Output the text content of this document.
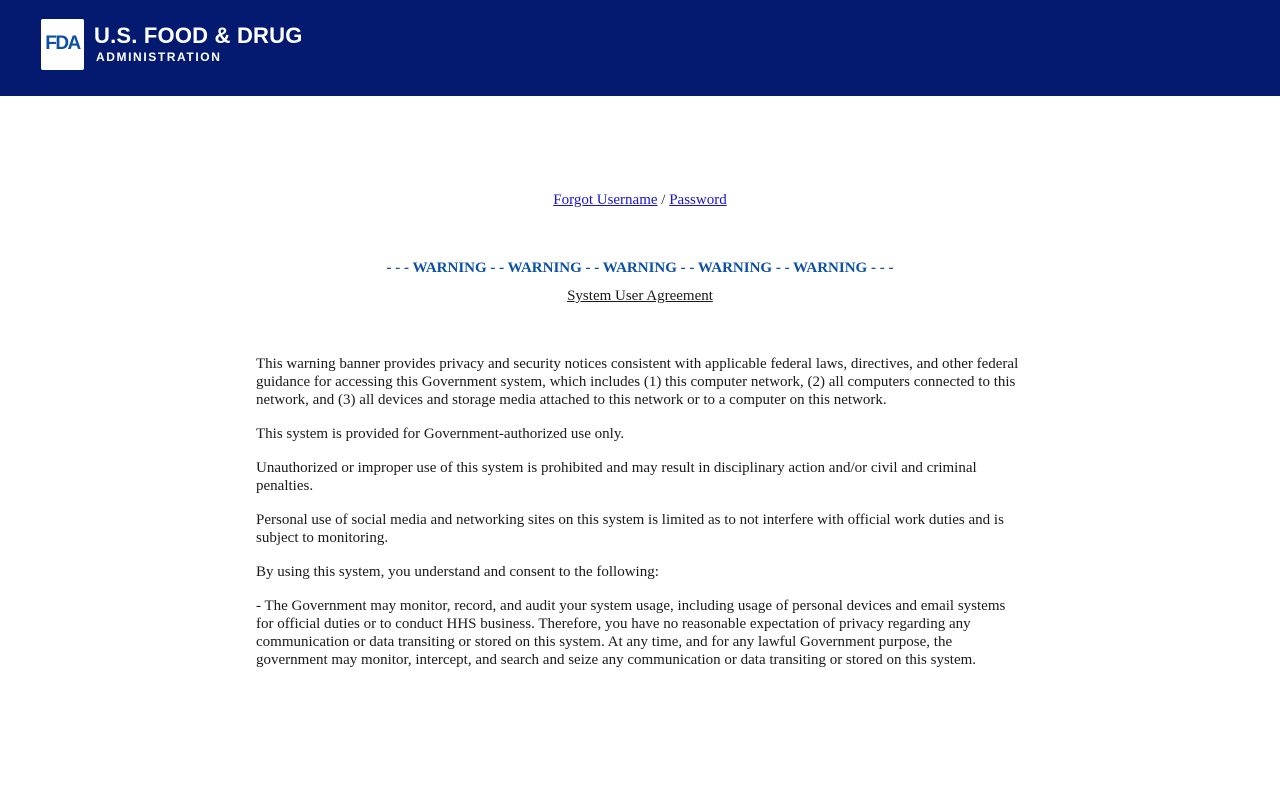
FDA U.S. FOOD & DRUG
ADMINISTRATION
Forgot Username / Password
- - - WARNING - - WARNING - - WARNING - - WARNING - - WARNING - - -
System User Agreement

This warning banner provides privacy and security notices consistent with applicable federal laws, directives, and other federal guidance for accessing this Government system, which includes (1) this computer network, (2) all computers connected to this network, and (3) all devices and storage media attached to this network or to a computer on this network.

This system is provided for Government-authorized use only.

Unauthorized or improper use of this system is prohibited and may result in disciplinary action and/or civil and criminal penalties.

Personal use of social media and networking sites on this system is limited as to not interfere with official work duties and is subject to monitoring.

By using this system, you understand and consent to the following:

- The Government may monitor, record, and audit your system usage, including usage of personal devices and email systems for official duties or to conduct HHS business. Therefore, you have no reasonable expectation of privacy regarding any communication or data transiting or stored on this system. At any time, and for any lawful Government purpose, the government may monitor, intercept, and search and seize any communication or data transiting or stored on this system.
